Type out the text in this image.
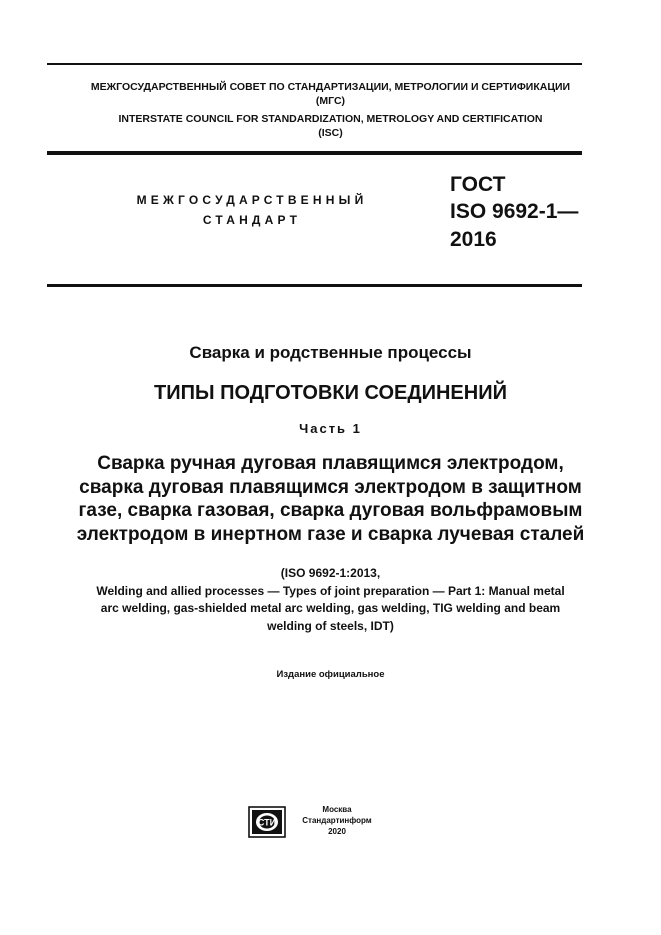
МЕЖГОСУДАРСТВЕННЫЙ СОВЕТ ПО СТАНДАРТИЗАЦИИ, МЕТРОЛОГИИ И СЕРТИФИКАЦИИ
(МГС)
INTERSTATE COUNCIL FOR STANDARDIZATION, METROLOGY AND CERTIFICATION
(ISC)
МЕЖГОСУДАРСТВЕННЫЙ
СТАНДАРТ
ГОСТ
ISO 9692-1—
2016
Сварка и родственные процессы
ТИПЫ ПОДГОТОВКИ СОЕДИНЕНИЙ
Часть 1
Сварка ручная дуговая плавящимся электродом,
сварка дуговая плавящимся электродом в защитном
газе, сварка газовая, сварка дуговая вольфрамовым
электродом в инертном газе и сварка лучевая сталей
(ISO 9692-1:2013,
Welding and allied processes — Types of joint preparation — Part 1: Manual metal
arc welding, gas-shielded metal arc welding, gas welding, TIG welding and beam
welding of steels, IDT)
Издание официальное
СТИ
Москва
Стандартинформ
2020
